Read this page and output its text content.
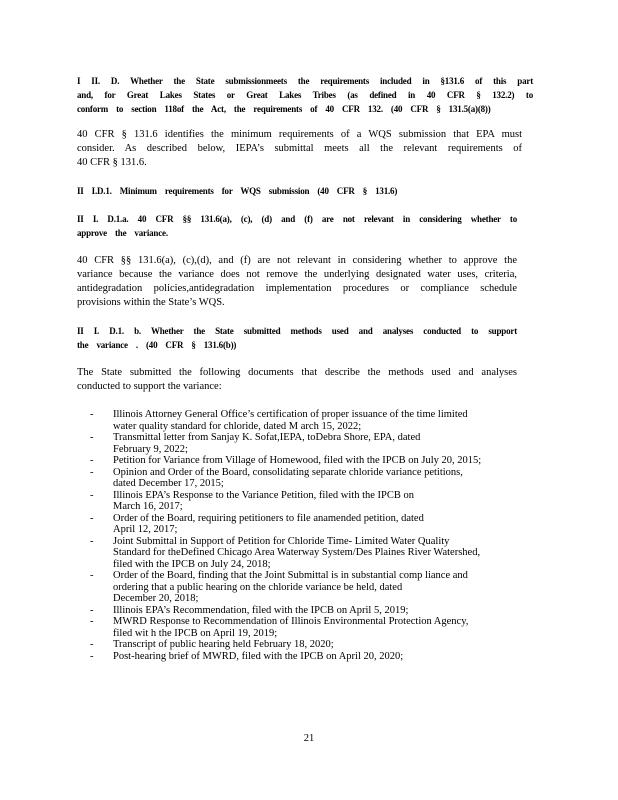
I II. D. Whether the State submissionmeets the requirements included in §131.6 of this part
and, for Great Lakes States or Great Lakes Tribes (as defined in 40 CFR § 132.2) to
conform to section 118of the Act, the requirements of 40 CFR 132. (40 CFR § 131.5(a)(8))
40 CFR § 131.6 identifies the minimum requirements of a WQS submission that EPA must
consider. As described below, IEPA’s submittal meets all the relevant requirements of
40 CFR § 131.6.
II I.D.1. Minimum requirements for WQS submission (40 CFR § 131.6)
II I. D.1.a. 40 CFR §§ 131.6(a), (c), (d) and (f) are not relevant in considering whether to
approve the variance.
40 CFR §§ 131.6(a), (c),(d), and (f) are not relevant in considering whether to approve the
variance because the variance does not remove the underlying designated water uses, criteria,
antidegradation policies,antidegradation implementation procedures or compliance schedule
provisions within the State’s WQS.
II I. D.1. b. Whether the State submitted methods used and analyses conducted to support
the variance . (40 CFR § 131.6(b))
The State submitted the following documents that describe the methods used and analyses
conducted to support the variance:
- Illinois Attorney General Office’s certification of proper issuance of the time limited
water quality standard for chloride, dated M arch 15, 2022;
- Transmittal letter from Sanjay K. Sofat,IEPA, toDebra Shore, EPA, dated
February 9, 2022;
- Petition for Variance from Village of Homewood, filed with the IPCB on July 20, 2015;
- Opinion and Order of the Board, consolidating separate chloride variance petitions,
dated December 17, 2015;
- Illinois EPA’s Response to the Variance Petition, filed with the IPCB on
March 16, 2017;
- Order of the Board, requiring petitioners to file anamended petition, dated
April 12, 2017;
- Joint Submittal in Support of Petition for Chloride Time- Limited Water Quality
Standard for theDefined Chicago Area Waterway System/Des Plaines River Watershed,
filed with the IPCB on July 24, 2018;
- Order of the Board, finding that the Joint Submittal is in substantial comp liance and
ordering that a public hearing on the chloride variance be held, dated
December 20, 2018;
- Illinois EPA’s Recommendation, filed with the IPCB on April 5, 2019;
- MWRD Response to Recommendation of Illinois Environmental Protection Agency,
filed wit h the IPCB on April 19, 2019;
- Transcript of public hearing held February 18, 2020;
- Post-hearing brief of MWRD, filed with the IPCB on April 20, 2020;
21
